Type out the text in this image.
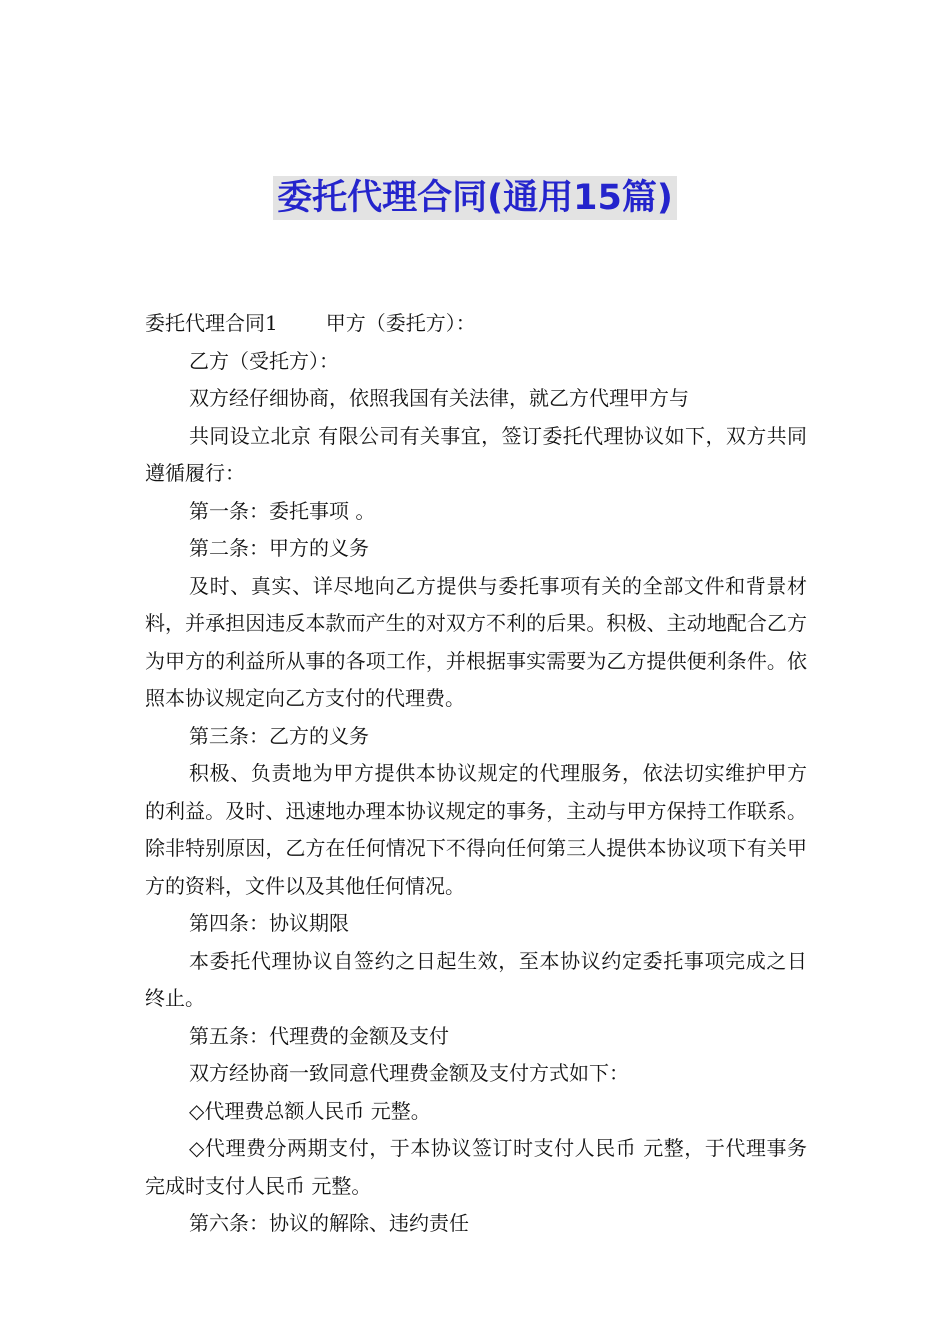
委托代理合同(通用15篇)

委托代理合同1 甲方（委托方）：

乙方（受托方）：

双方经仔细协商，依照我国有关法律，就乙方代理甲方与

共同设立北京 有限公司有关事宜，签订委托代理协议如下，双方共同遵循履行：

第一条：委托事项 。

第二条：甲方的义务

及时、真实、详尽地向乙方提供与委托事项有关的全部文件和背景材料，并承担因违反本款而产生的对双方不利的后果。积极、主动地配合乙方为甲方的利益所从事的各项工作，并根据事实需要为乙方提供便利条件。依照本协议规定向乙方支付的代理费。

第三条：乙方的义务

积极、负责地为甲方提供本协议规定的代理服务，依法切实维护甲方的利益。及时、迅速地办理本协议规定的事务，主动与甲方保持工作联系。除非特别原因，乙方在任何情况下不得向任何第三人提供本协议项下有关甲方的资料，文件以及其他任何情况。

第四条：协议期限

本委托代理协议自签约之日起生效，至本协议约定委托事项完成之日终止。

第五条：代理费的金额及支付

双方经协商一致同意代理费金额及支付方式如下：

◇代理费总额人民币 元整。

◇代理费分两期支付，于本协议签订时支付人民币 元整，于代理事务完成时支付人民币 元整。

第六条：协议的解除、违约责任
